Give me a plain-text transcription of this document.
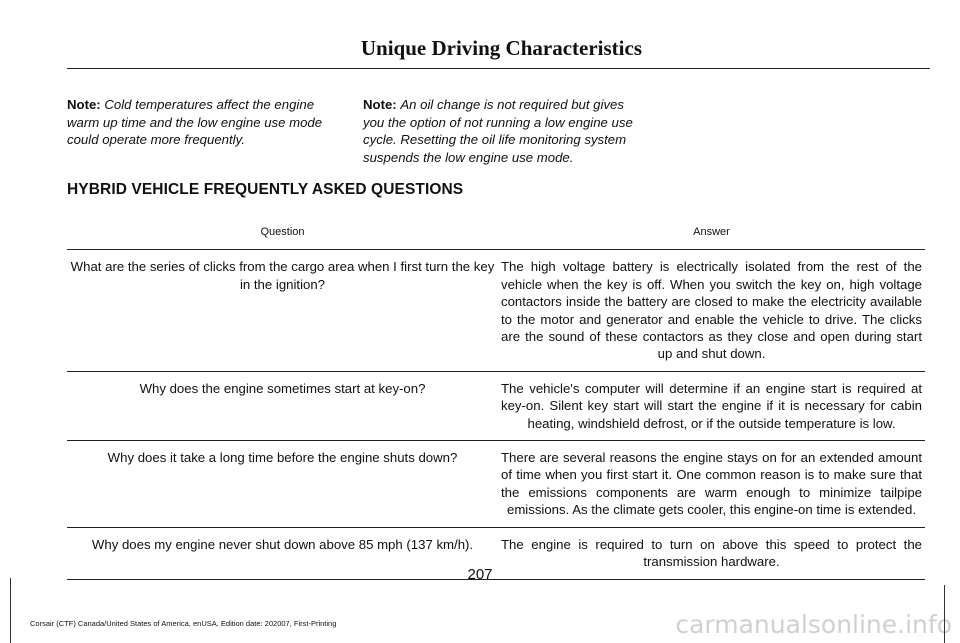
Unique Driving Characteristics
Note: Cold temperatures affect the engine warm up time and the low engine use mode could operate more frequently.
Note: An oil change is not required but gives you the option of not running a low engine use cycle. Resetting the oil life monitoring system suspends the low engine use mode.
HYBRID VEHICLE FREQUENTLY ASKED QUESTIONS
Question	Answer
What are the series of clicks from the cargo area when I first turn the key in the ignition?	The high voltage battery is electrically isolated from the rest of the vehicle when the key is off. When you switch the key on, high voltage contactors inside the battery are closed to make the electricity available to the motor and generator and enable the vehicle to drive. The clicks are the sound of these contactors as they close and open during start up and shut down.
Why does the engine sometimes start at key-on?	The vehicle's computer will determine if an engine start is required at key-on. Silent key start will start the engine if it is necessary for cabin heating, windshield defrost, or if the outside temperature is low.
Why does it take a long time before the engine shuts down?	There are several reasons the engine stays on for an extended amount of time when you first start it. One common reason is to make sure that the emissions components are warm enough to minimize tailpipe emissions. As the climate gets cooler, this engine-on time is extended.
Why does my engine never shut down above 85 mph (137 km/h).	The engine is required to turn on above this speed to protect the transmission hardware.
207
Corsair (CTF) Canada/United States of America, enUSA, Edition date: 202007, First-Printing	carmanualsonline.info
